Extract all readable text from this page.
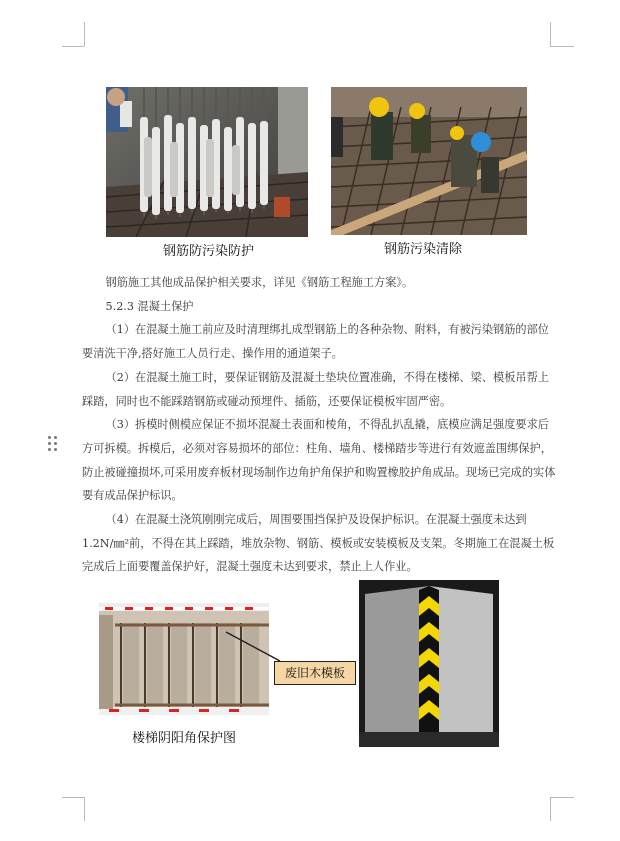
钢筋防污染防护	钢筋污染清除

钢筋施工其他成品保护相关要求，详见《钢筋工程施工方案》。

5.2.3 混凝土保护

（1）在混凝土施工前应及时清理绑扎成型钢筋上的各种杂物、附料，有被污染钢筋的部位要清洗干净,搭好施工人员行走、操作用的通道架子。

（2）在混凝土施工时，要保证钢筋及混凝土垫块位置准确，不得在楼梯、梁、模板吊帮上踩踏，同时也不能踩踏钢筋或碰动预埋件、插筋，还要保证模板牢固严密。

（3）拆模时侧模应保证不损坏混凝土表面和棱角，不得乱扒乱撬，底模应满足强度要求后方可拆模。拆模后，必须对容易损坏的部位：柱角、墙角、楼梯踏步等进行有效遮盖围绑保护，防止被碰撞损坏,可采用废弃板材现场制作边角护角保护和购置橡胶护角成品。现场已完成的实体要有成品保护标识。

（4）在混凝土浇筑刚刚完成后，周围要围挡保护及设保护标识。在混凝土强度未达到 1.2N/㎜²前，不得在其上踩踏，堆放杂物、钢筋、模板或安装模板及支架。冬期施工在混凝土板完成后上面要覆盖保护好，混凝土强度未达到要求，禁止上人作业。

废旧木模板
楼梯阴阳角保护图
